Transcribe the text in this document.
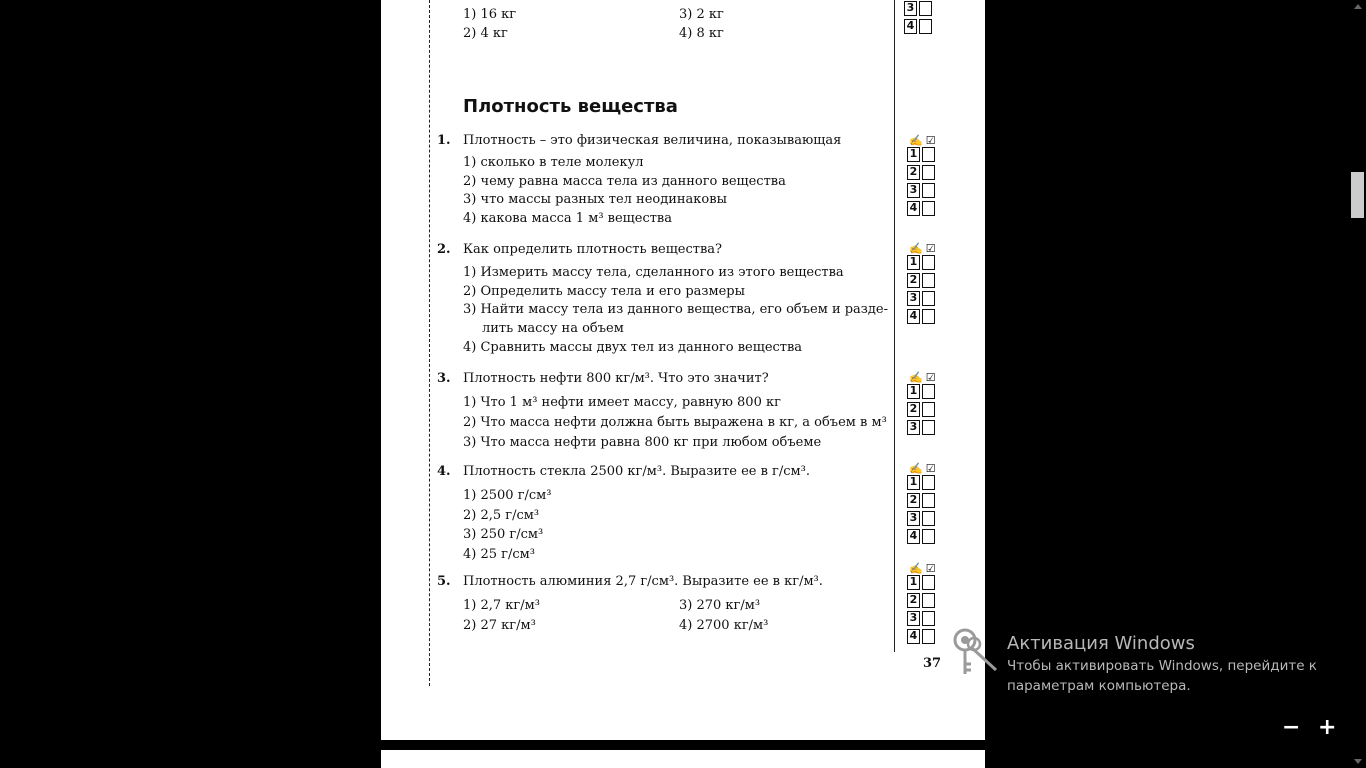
1) 16 кг
2) 4 кг
3) 2 кг
4) 8 кг
3
4
Плотность вещества
1. Плотность – это физическая величина, показывающая
1) сколько в теле молекул
2) чему равна масса тела из данного вещества
3) что массы разных тел неодинаковы
4) какова масса 1 м³ вещества
2. Как определить плотность вещества?
1) Измерить массу тела, сделанного из этого вещества
2) Определить массу тела и его размеры
3) Найти массу тела из данного вещества, его объем и разде-
лить массу на объем
4) Сравнить массы двух тел из данного вещества
3. Плотность нефти 800 кг/м³. Что это значит?
1) Что 1 м³ нефти имеет массу, равную 800 кг
2) Что масса нефти должна быть выражена в кг, а объем в м³
3) Что масса нефти равна 800 кг при любом объеме
4. Плотность стекла 2500 кг/м³. Выразите ее в г/см³.
1) 2500 г/см³
2) 2,5 г/см³
3) 250 г/см³
4) 25 г/см³
5. Плотность алюминия 2,7 г/см³. Выразите ее в кг/м³.
1) 2,7 кг/м³
2) 27 кг/м³
3) 270 кг/м³
4) 2700 кг/м³
✍ ☑
1
2
3
4
✍ ☑
1
2
3
4
✍ ☑
1
2
3
✍ ☑
1
2
3
4
✍ ☑
1
2
3
4
37
Активация Windows
Чтобы активировать Windows, перейдите к
параметрам компьютера.
− +
